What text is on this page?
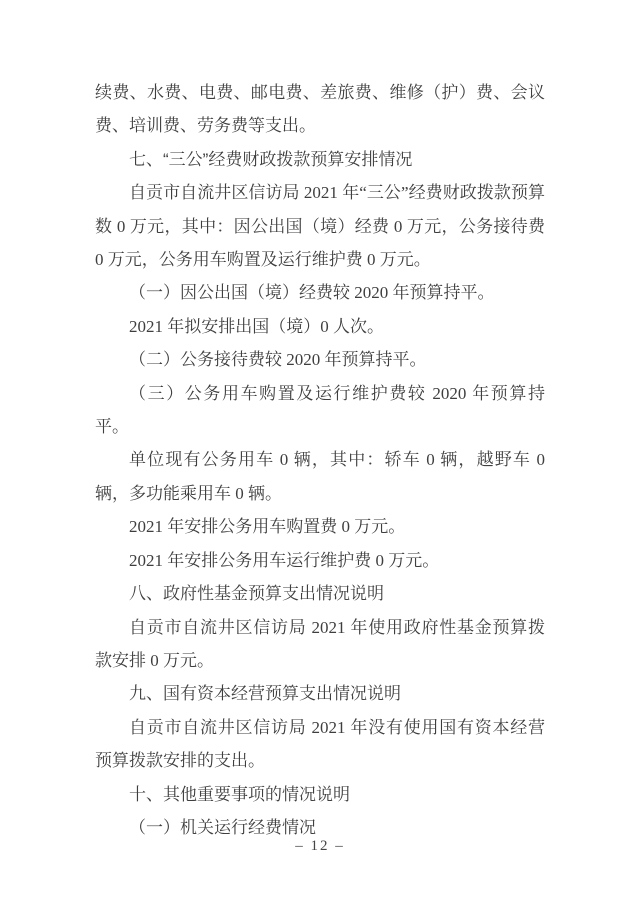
续费、水费、电费、邮电费、差旅费、维修（护）费、会议费、培训费、劳务费等支出。

七、“三公”经费财政拨款预算安排情况

自贡市自流井区信访局 2021 年“三公”经费财政拨款预算数 0 万元，其中：因公出国（境）经费 0 万元，公务接待费 0 万元，公务用车购置及运行维护费 0 万元。

（一）因公出国（境）经费较 2020 年预算持平。

2021 年拟安排出国（境）0 人次。

（二）公务接待费较 2020 年预算持平。

（三）公务用车购置及运行维护费较 2020 年预算持平。

单位现有公务用车 0 辆，其中：轿车 0 辆，越野车 0 辆，多功能乘用车 0 辆。

2021 年安排公务用车购置费 0 万元。

2021 年安排公务用车运行维护费 0 万元。

八、政府性基金预算支出情况说明

自贡市自流井区信访局 2021 年使用政府性基金预算拨款安排 0 万元。

九、国有资本经营预算支出情况说明

自贡市自流井区信访局 2021 年没有使用国有资本经营预算拨款安排的支出。

十、其他重要事项的情况说明

（一）机关运行经费情况

– 12 –
